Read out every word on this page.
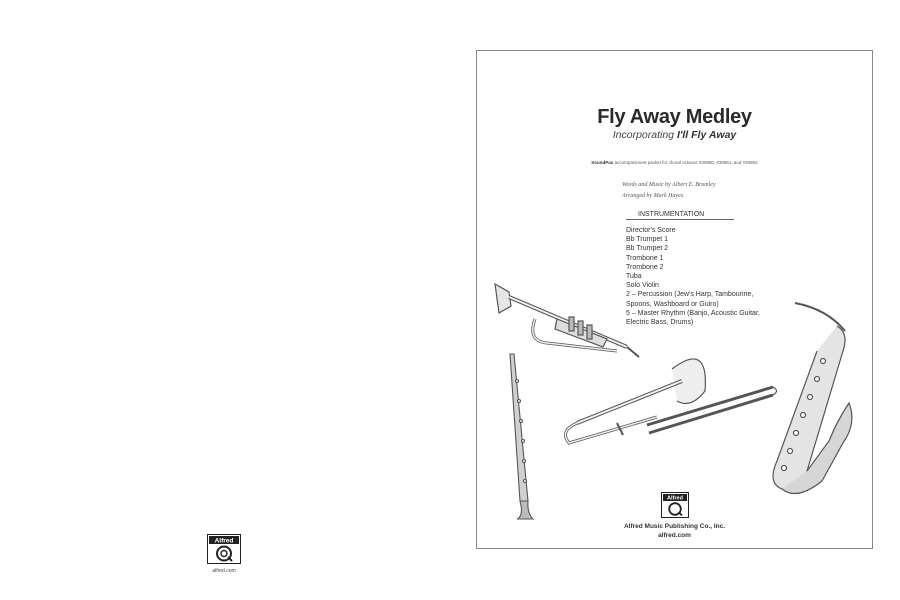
Alfred
alfred.com
Fly Away Medley
Incorporating I'll Fly Away
SoundPax accompaniment packet for choral octavos #30950, #30951, and #30952
Words and Music by Albert E. Brumley
Arranged by Mark Hayes
INSTRUMENTATION
Director's Score
Bb Trumpet 1
Bb Trumpet 2
Trombone 1
Trombone 2
Tuba
Solo Violin
2 – Percussion (Jew's Harp, Tambourine,
Spoons, Washboard or Guiro)
5 – Master Rhythm (Banjo, Acoustic Guitar,
Electric Bass, Drums)
Alfred
Alfred Music Publishing Co., Inc.
alfred.com
